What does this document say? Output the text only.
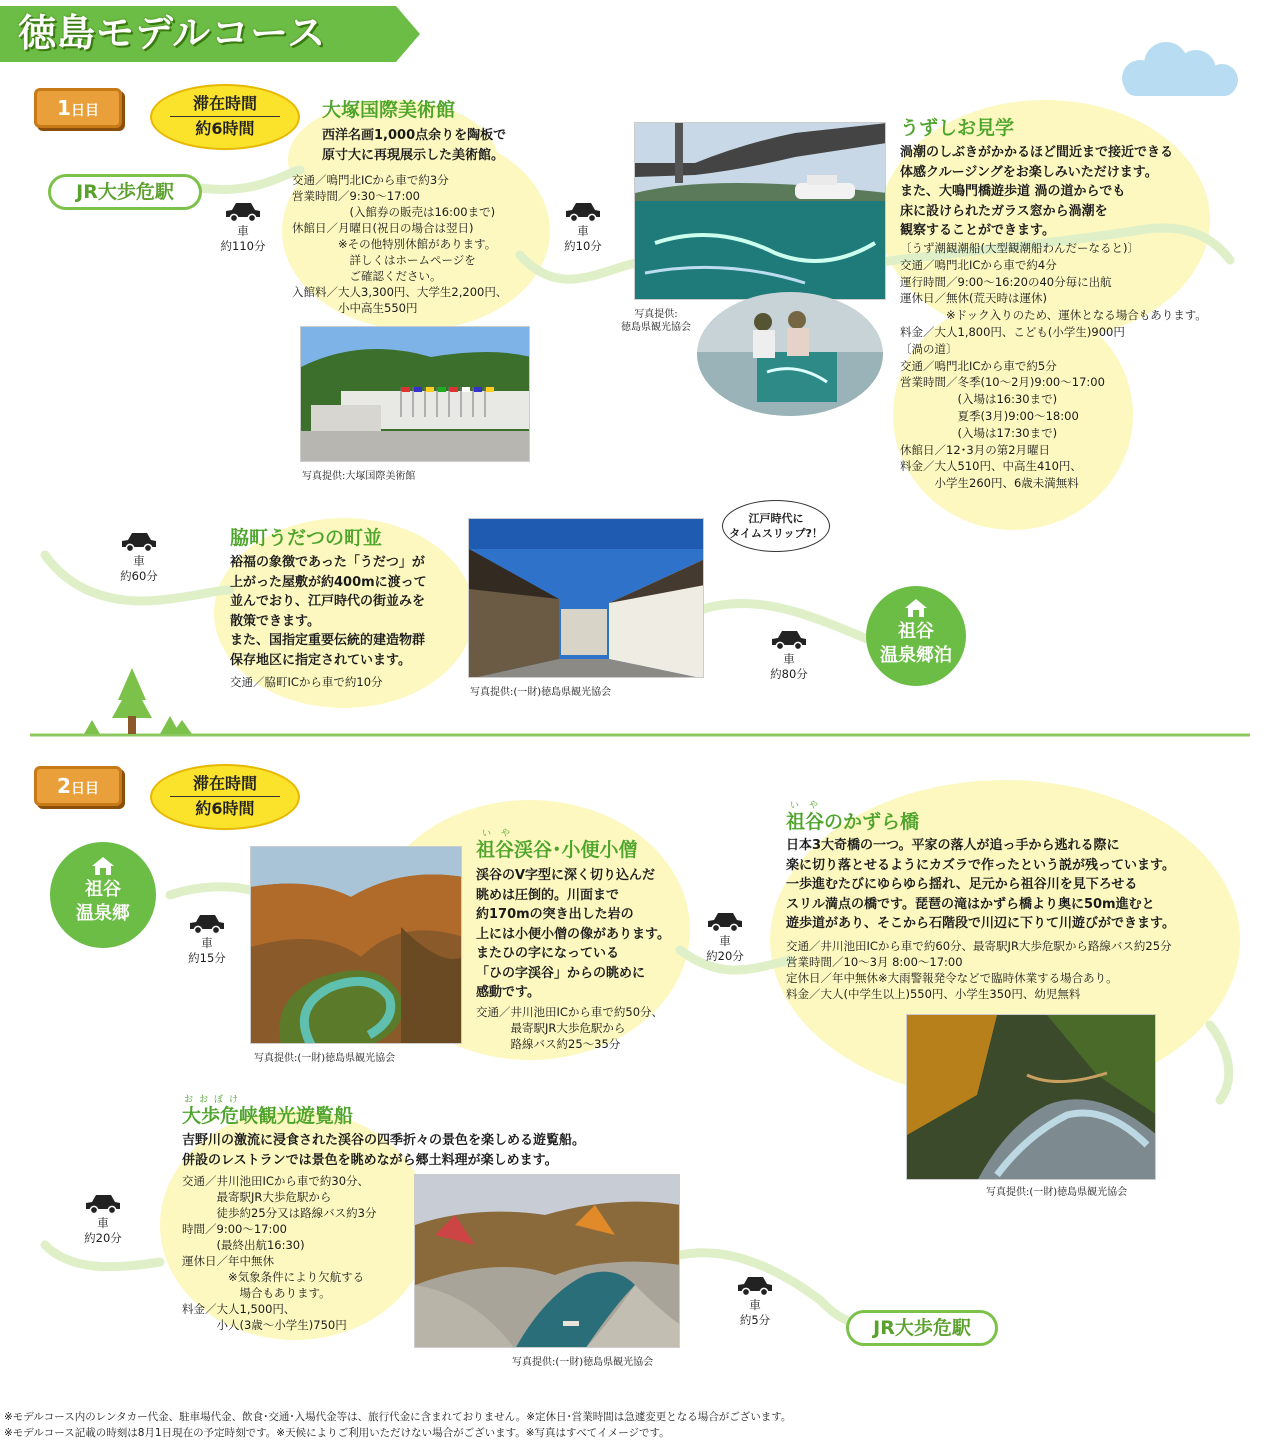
徳島モデルコース
1日目	滞在時間
約6時間
JR大歩危駅
車
約110分
大塚国際美術館
西洋名画1,000点余りを陶板で
原寸大に再現展示した美術館。
交通／鳴門北ICから車で約3分
営業時間／9:30～17:00
　　　　　(入館券の販売は16:00まで)
休館日／月曜日(祝日の場合は翌日)
　　　　※その他特別休館があります。
　　　　　詳しくはホームページを
　　　　　ご確認ください。
入館料／大人3,300円、大学生2,200円、
　　　　小中高生550円
写真提供:大塚国際美術館
車
約10分
写真提供:
徳島県観光協会
うずしお見学
渦潮のしぶきがかかるほど間近まで接近できる
体感クルージングをお楽しみいただけます。
また、大鳴門橋遊歩道 渦の道からでも
床に設けられたガラス窓から渦潮を
観察することができます。
〔うず潮観潮船(大型観潮船わんだーなると)〕
交通／鳴門北ICから車で約4分
運行時間／9:00～16:20の40分毎に出航
運休日／無休(荒天時は運休)
　　　　※ドック入りのため、運休となる場合もあります。
料金／大人1,800円、こども(小学生)900円
〔渦の道〕
交通／鳴門北ICから車で約5分
営業時間／冬季(10～2月)9:00～17:00
　　　　　(入場は16:30まで)
　　　　　夏季(3月)9:00～18:00
　　　　　(入場は17:30まで)
休館日／12･3月の第2月曜日
料金／大人510円、中高生410円、
　　　小学生260円、6歳未満無料
車
約60分
脇町うだつの町並
裕福の象徴であった「うだつ」が
上がった屋敷が約400mに渡って
並んでおり、江戸時代の街並みを
散策できます。
また、国指定重要伝統的建造物群
保存地区に指定されています。
交通／脇町ICから車で約10分
写真提供:(一財)徳島県観光協会
江戸時代に
タイムスリップ?！
車
約80分
祖谷
温泉郷泊
2日目	滞在時間
約6時間
祖谷
温泉郷
車
約15分
写真提供:(一財)徳島県観光協会
いや
祖谷渓谷･小便小僧
渓谷のV字型に深く切り込んだ
眺めは圧倒的。川面まで
約170mの突き出した岩の
上には小便小僧の像があります。
またひの字になっている
「ひの字渓谷」からの眺めに
感動です。
交通／井川池田ICから車で約50分、
　　　最寄駅JR大歩危駅から
　　　路線バス約25～35分
車
約20分
いや
祖谷のかずら橋
日本3大奇橋の一つ。平家の落人が追っ手から逃れる際に
楽に切り落とせるようにカズラで作ったという説が残っています。
一歩進むたびにゆらゆら揺れ、足元から祖谷川を見下ろせる
スリル満点の橋です。琵琶の滝はかずら橋より奥に50m進むと
遊歩道があり、そこから石階段で川辺に下りて川遊びができます。
交通／井川池田ICから車で約60分、最寄駅JR大歩危駅から路線バス約25分
営業時間／10～3月 8:00～17:00
定休日／年中無休※大雨警報発令などで臨時休業する場合あり。
料金／大人(中学生以上)550円、小学生350円、幼児無料
写真提供:(一財)徳島県観光協会
車
約20分
おおぼけ
大歩危峡観光遊覧船
吉野川の激流に浸食された渓谷の四季折々の景色を楽しめる遊覧船。
併設のレストランでは景色を眺めながら郷土料理が楽しめます。
交通／井川池田ICから車で約30分、
　　　最寄駅JR大歩危駅から
　　　徒歩約25分又は路線バス約3分
時間／9:00～17:00
　　　(最終出航16:30)
運休日／年中無休
　　　　※気象条件により欠航する
　　　　　場合もあります。
料金／大人1,500円、
　　　小人(3歳～小学生)750円
写真提供:(一財)徳島県観光協会
車
約5分	JR大歩危駅
※モデルコース内のレンタカー代金、駐車場代金、飲食･交通･入場代金等は、旅行代金に含まれておりません。※定休日･営業時間は急遽変更となる場合がございます。
※モデルコース記載の時刻は8月1日現在の予定時刻です。※天候によりご利用いただけない場合がございます。※写真はすべてイメージです。
